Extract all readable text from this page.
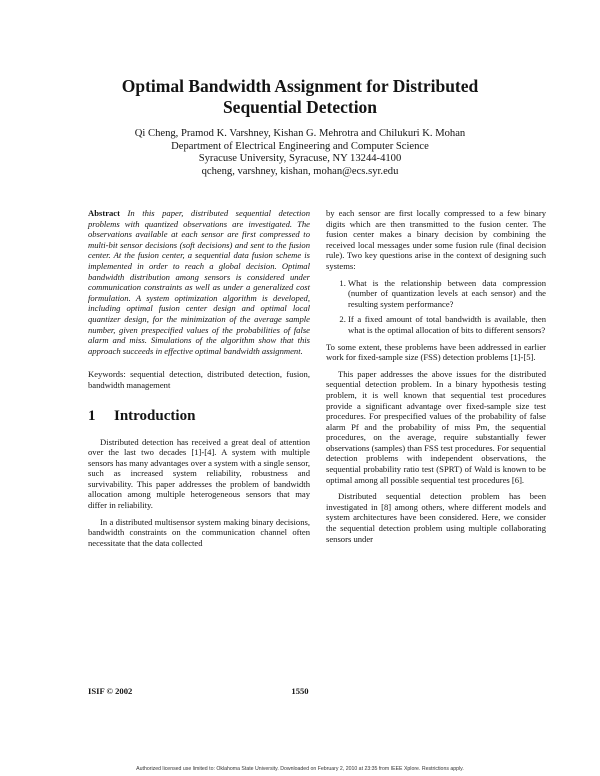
Optimal Bandwidth Assignment for Distributed
Sequential Detection
Qi Cheng, Pramod K. Varshney, Kishan G. Mehrotra and Chilukuri K. Mohan
Department of Electrical Engineering and Computer Science
Syracuse University, Syracuse, NY 13244-4100
qcheng, varshney, kishan, mohan@ecs.syr.edu
Abstract In this paper, distributed sequential detection problems with quantized observations are investigated. The observations available at each sensor are first compressed to multi-bit sensor decisions (soft decisions) and sent to the fusion center. At the fusion center, a sequential data fusion scheme is implemented in order to reach a global decision. Optimal bandwidth distribution among sensors is considered under communication constraints as well as under a generalized cost formulation. A system optimization algorithm is developed, including optimal fusion center design and optimal local quantizer design, for the minimization of the average sample number, given prespecified values of the probabilities of false alarm and miss. Simulations of the algorithm show that this approach succeeds in effective optimal bandwidth assignment.
Keywords: sequential detection, distributed detection, fusion, bandwidth management
1 Introduction

Distributed detection has received a great deal of attention over the last two decades [1]-[4]. A system with multiple sensors has many advantages over a system with a single sensor, such as increased system reliability, robustness and survivability. This paper addresses the problem of bandwidth allocation among multiple heterogeneous sensors that may differ in reliability.

In a distributed multisensor system making binary decisions, bandwidth constraints on the communication channel often necessitate that the data collected

by each sensor are first locally compressed to a few binary digits which are then transmitted to the fusion center. The fusion center makes a binary decision by combining the received local messages under some fusion rule (final decision rule). Two key questions arise in the context of designing such systems:

1. What is the relationship between data compression (number of quantization levels at each sensor) and the resulting system performance?
2. If a fixed amount of total bandwidth is available, then what is the optimal allocation of bits to different sensors?

To some extent, these problems have been addressed in earlier work for fixed-sample size (FSS) detection problems [1]-[5].

This paper addresses the above issues for the distributed sequential detection problem. In a binary hypothesis testing problem, it is well known that sequential test procedures provide a significant advantage over fixed-sample size test procedures. For prespecified values of the probability of false alarm Pf and the probability of miss Pm, the sequential procedures, on the average, require substantially fewer observations (samples) than FSS test procedures. For sequential detection problems with independent observations, the sequential probability ratio test (SPRT) of Wald is known to be optimal among all possible sequential test procedures [6].

Distributed sequential detection problem has been investigated in [8] among others, where different models and system architectures have been considered. Here, we consider the sequential detection problem using multiple collaborating sensors under

ISIF © 2002	1550
Authorized licensed use limited to: Oklahoma State University. Downloaded on February 2, 2010 at 23:35 from IEEE Xplore. Restrictions apply.
